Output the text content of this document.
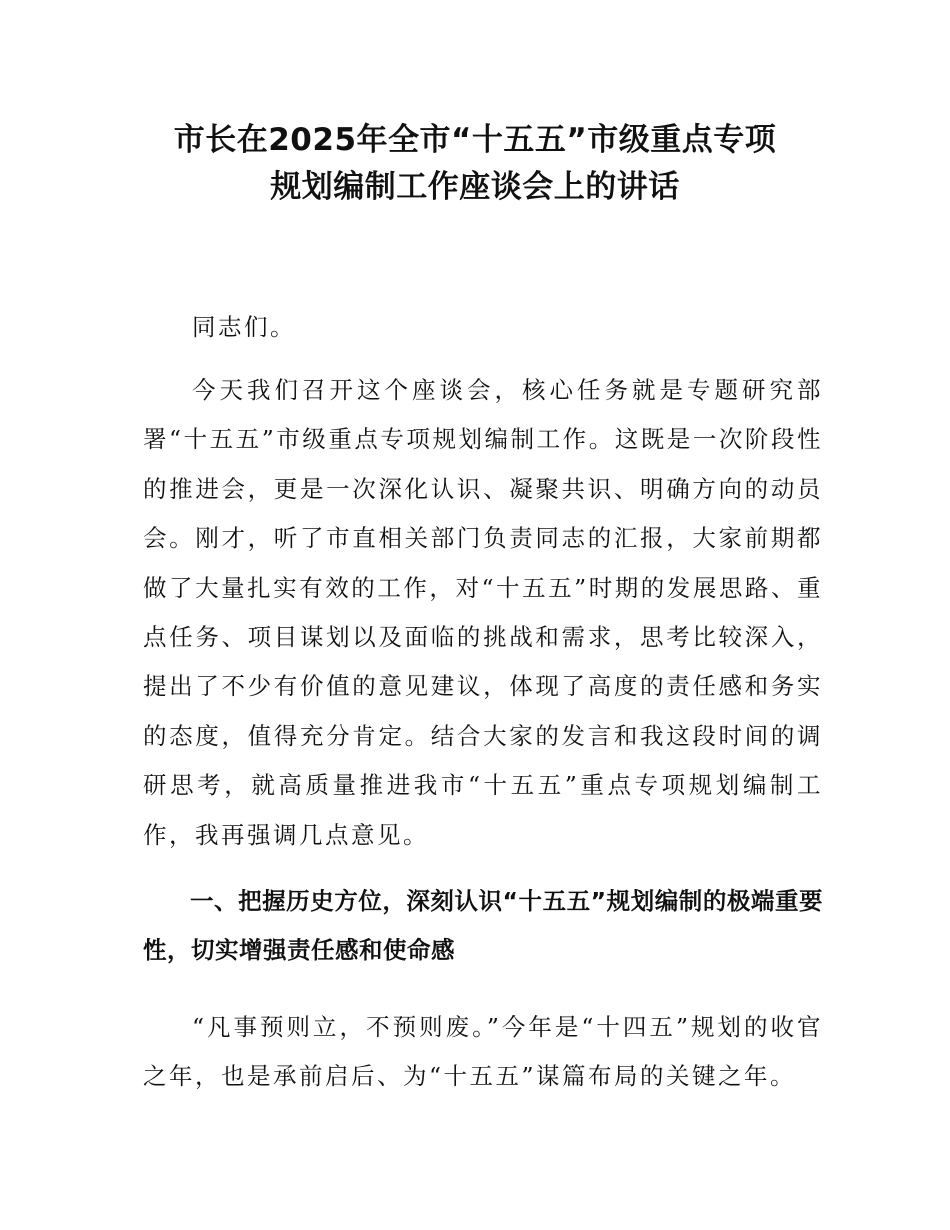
市长在2025年全市“十五五”市级重点专项
规划编制工作座谈会上的讲话

同志们。

今天我们召开这个座谈会，核心任务就是专题研究部署“十五五”市级重点专项规划编制工作。这既是一次阶段性的推进会，更是一次深化认识、凝聚共识、明确方向的动员会。刚才，听了市直相关部门负责同志的汇报，大家前期都做了大量扎实有效的工作，对“十五五”时期的发展思路、重点任务、项目谋划以及面临的挑战和需求，思考比较深入，提出了不少有价值的意见建议，体现了高度的责任感和务实的态度，值得充分肯定。结合大家的发言和我这段时间的调研思考，就高质量推进我市“十五五”重点专项规划编制工作，我再强调几点意见。

一、把握历史方位，深刻认识“十五五”规划编制的极端重要性，切实增强责任感和使命感

“凡事预则立，不预则废。”今年是“十四五”规划的收官之年，也是承前启后、为“十五五”谋篇布局的关键之年。
